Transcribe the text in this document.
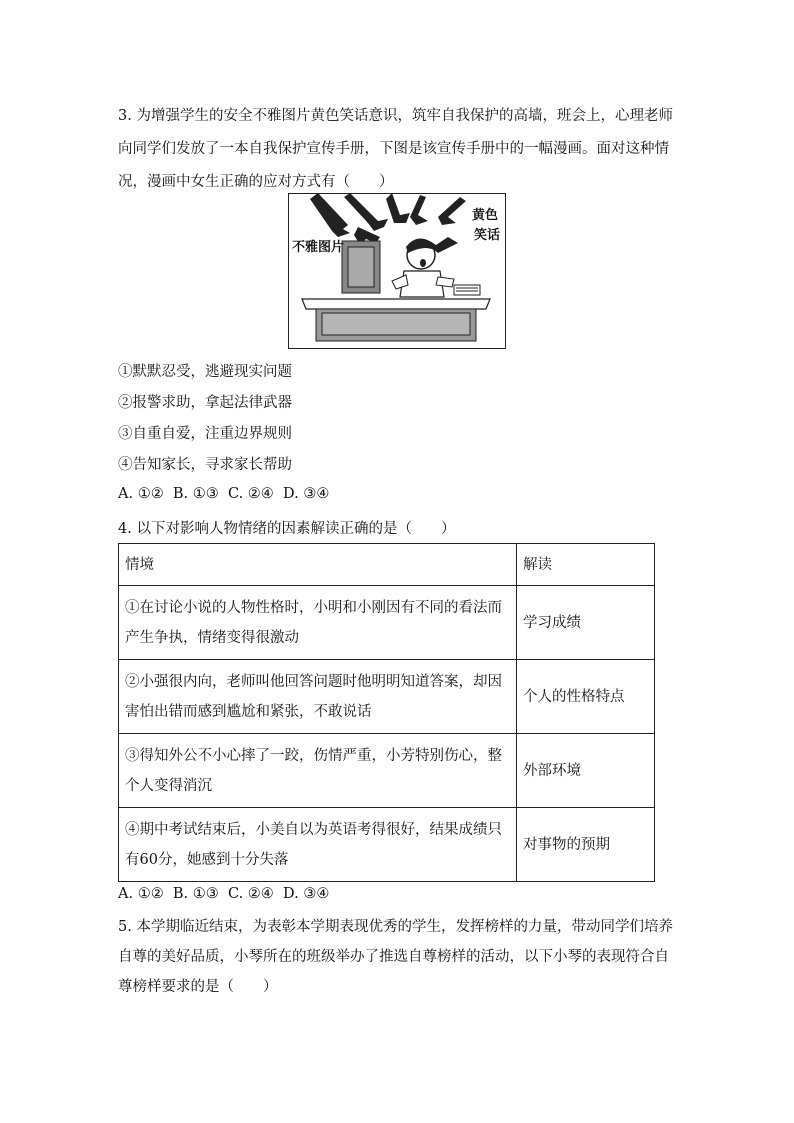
3. 为增强学生的安全不雅图片黄色笑话意识，筑牢自我保护的高墙，班会上，心理老师向同学们发放了一本自我保护宣传手册，下图是该宣传手册中的一幅漫画。面对这种情况，漫画中女生正确的应对方式有（　　）
不雅图片
黄色
笑话
①默默忍受，逃避现实问题
②报警求助，拿起法律武器
③自重自爱，注重边界规则
④告知家长，寻求家长帮助
A. ①②  B. ①③  C. ②④  D. ③④
4. 以下对影响人物情绪的因素解读正确的是（　　）
情境	解读
①在讨论小说的人物性格时，小明和小刚因有不同的看法而产生争执，情绪变得很激动	学习成绩
②小强很内向，老师叫他回答问题时他明明知道答案，却因害怕出错而感到尴尬和紧张，不敢说话	个人的性格特点
③得知外公不小心摔了一跤，伤情严重，小芳特别伤心，整个人变得消沉	外部环境
④期中考试结束后，小美自以为英语考得很好，结果成绩只有60分，她感到十分失落	对事物的预期
A. ①②  B. ①③  C. ②④  D. ③④
5. 本学期临近结束，为表彰本学期表现优秀的学生，发挥榜样的力量，带动同学们培养自尊的美好品质，小琴所在的班级举办了推选自尊榜样的活动，以下小琴的表现符合自尊榜样要求的是（　　）
